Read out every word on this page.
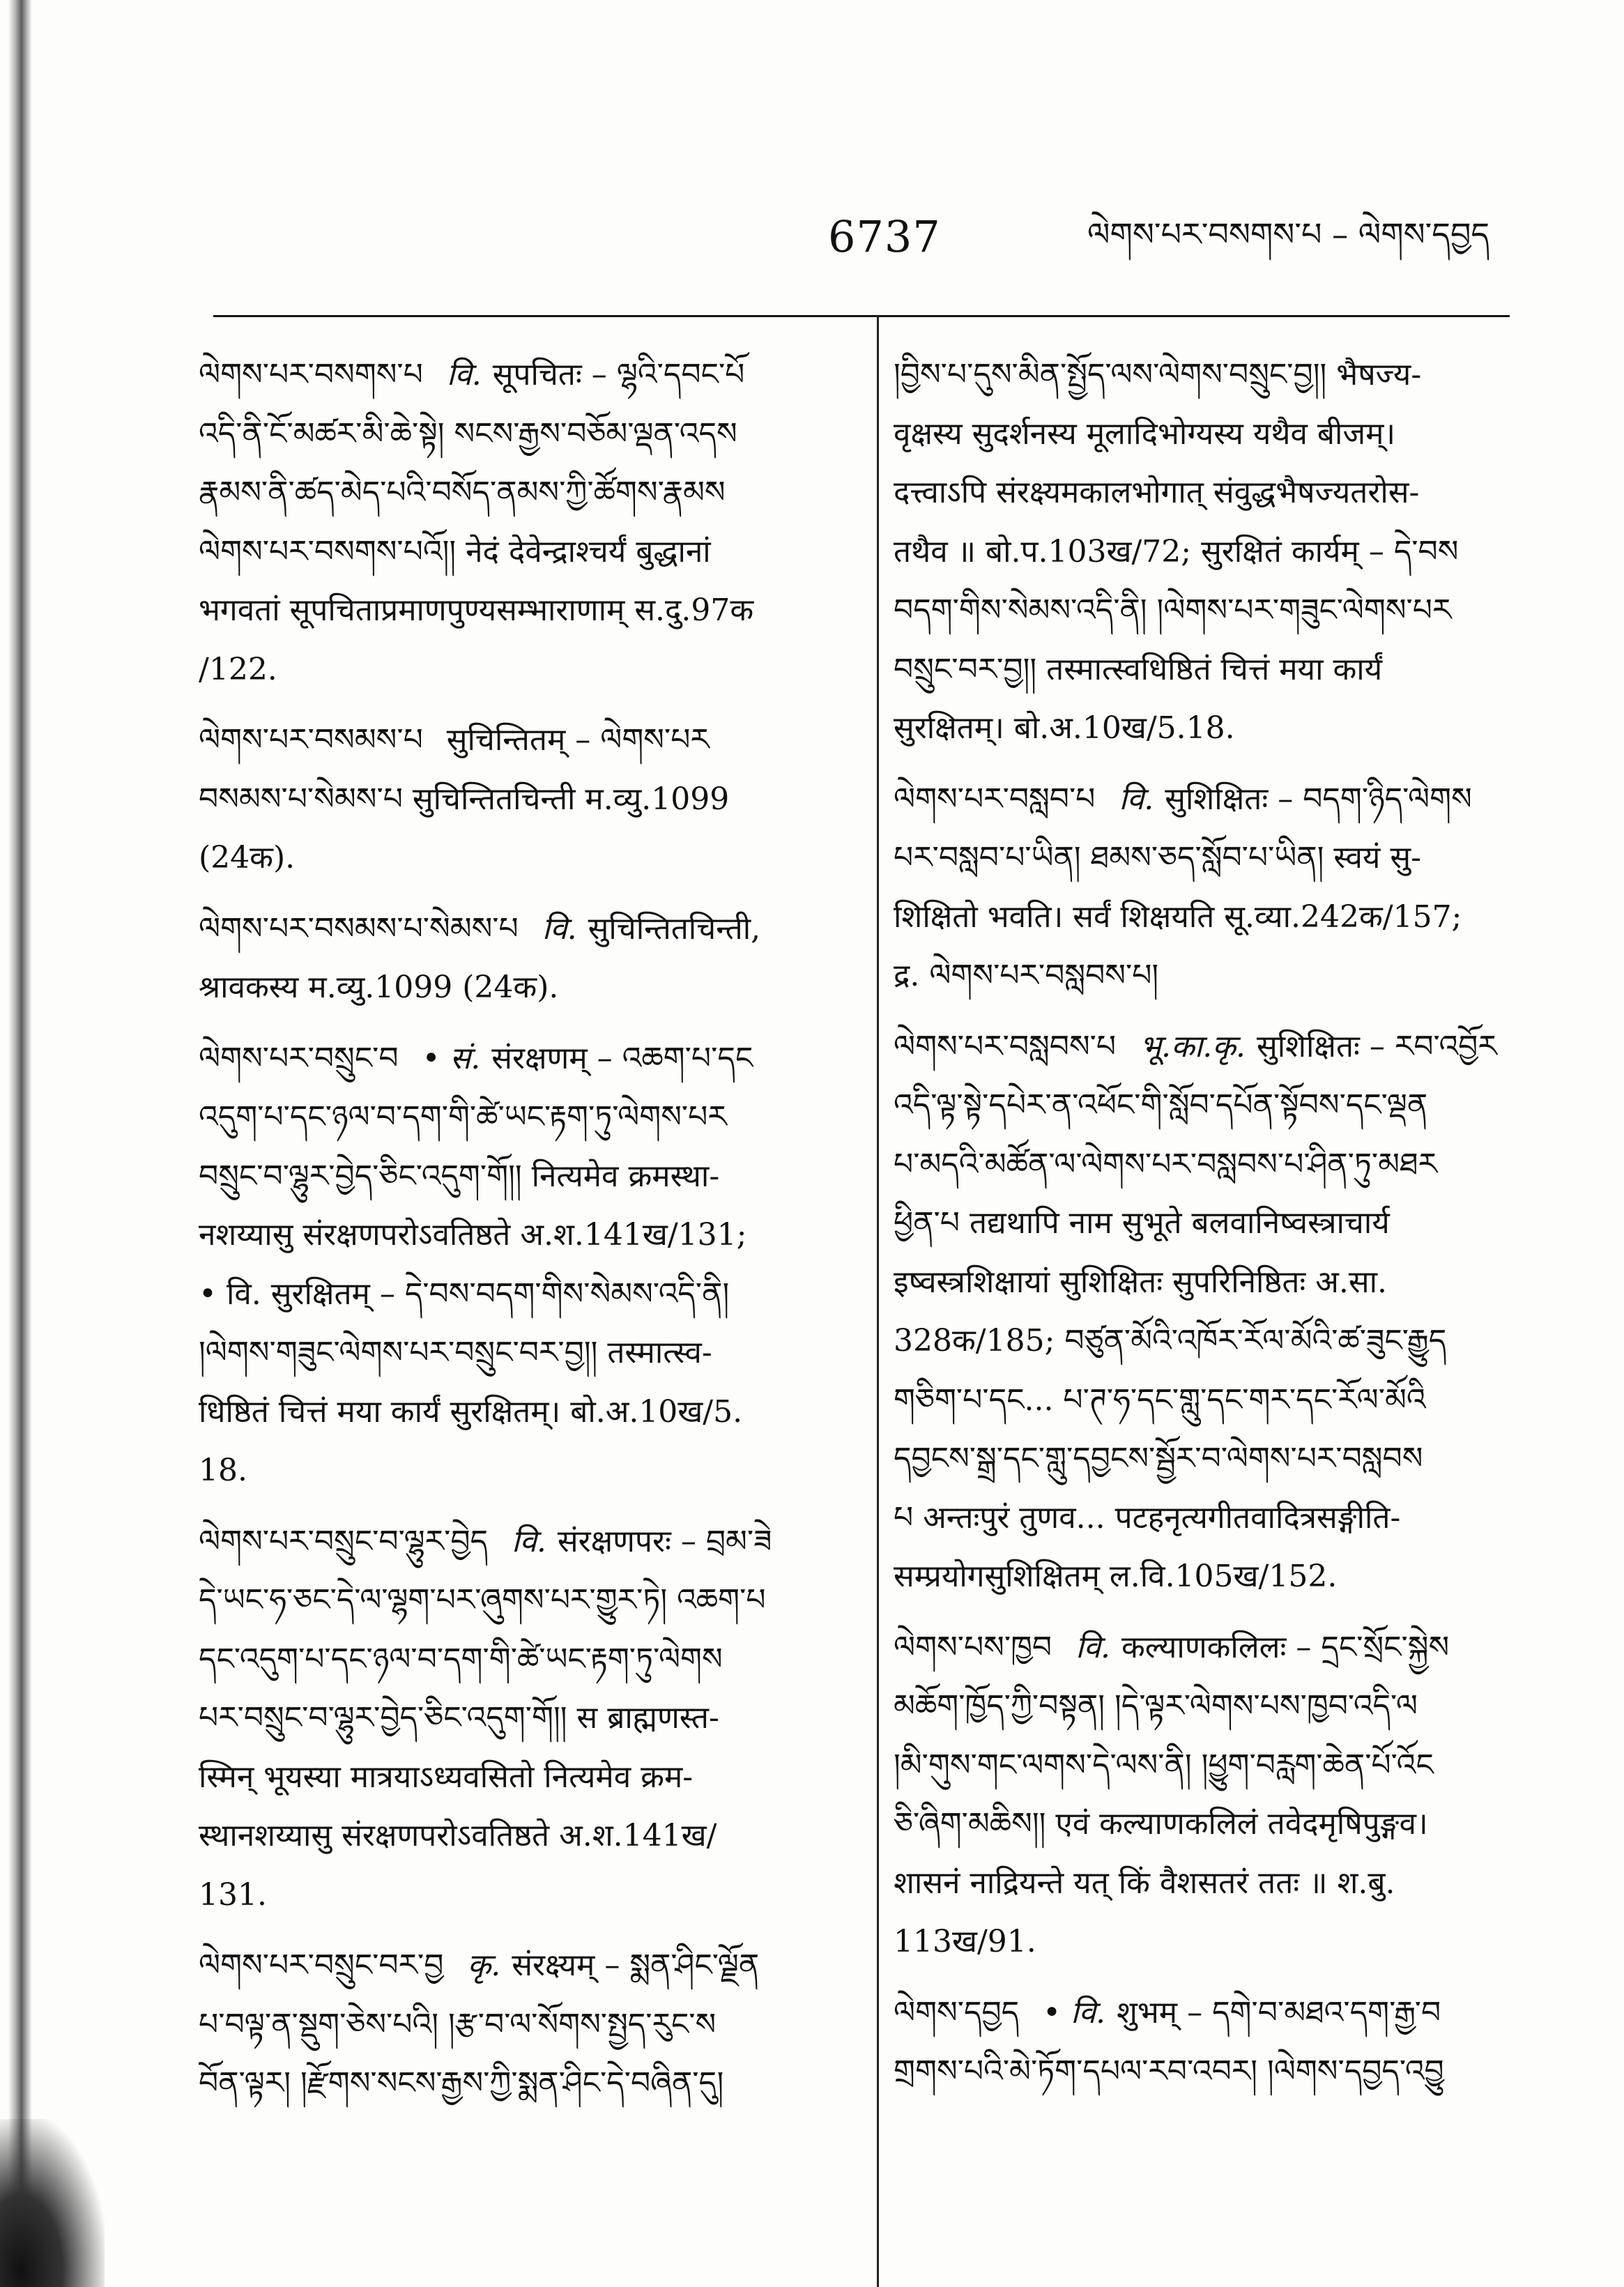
6737	ལེགས་པར་བསགས་པ – ལེགས་དབྱད
ལེགས་པར་བསགས་པ वि. सूपचितः – ལྷའི་དབང་པོ
འདི་ནི་ངོ་མཚར་མི་ཆེ་སྟེ། སངས་རྒྱས་བཅོམ་ལྡན་འདས
རྣམས་ནི་ཚད་མེད་པའི་བསོད་ནམས་ཀྱི་ཚོགས་རྣམས
ལེགས་པར་བསགས་པའོ།། नेदं देवेन्द्राश्चर्यं बुद्धानां
भगवतां सूपचिताप्रमाणपुण्यसम्भाराणाम् स.दु.97क
/122.
ལེགས་པར་བསམས་པ सुचिन्तितम् – ལེགས་པར
བསམས་པ་སེམས་པ सुचिन्तितचिन्ती म.व्यु.1099
(24क).
ལེགས་པར་བསམས་པ་སེམས་པ वि. सुचिन्तितचिन्ती,
श्रावकस्य म.व्यु.1099 (24क).
ལེགས་པར་བསྲུང་བ • सं. संरक्षणम् – འཆག་པ་དང
འདུག་པ་དང་ཉལ་བ་དག་གི་ཚེ་ཡང་རྟག་ཏུ་ལེགས་པར
བསྲུང་བ་ལྷུར་བྱེད་ཅིང་འདུག་གོ།། नित्यमेव क्रमस्था-
नशय्यासु संरक्षणपरोऽवतिष्ठते अ.श.141ख/131;
• वि. सुरक्षितम् – དེ་བས་བདག་གིས་སེམས་འདི་ནི།
།ལེགས་གཟུང་ལེགས་པར་བསྲུང་བར་བྱ།། तस्मात्स्व-
धिष्ठितं चित्तं मया कार्यं सुरक्षितम्। बो.अ.10ख/5.
18.
ལེགས་པར་བསྲུང་བ་ལྷུར་བྱེད वि. संरक्षणपरः – བྲམ་ཟེ
དེ་ཡང་ཧ་ཅང་དེ་ལ་ལྷག་པར་ཞུགས་པར་གྱུར་ཏེ། འཆག་པ
དང་འདུག་པ་དང་ཉལ་བ་དག་གི་ཚེ་ཡང་རྟག་ཏུ་ལེགས
པར་བསྲུང་བ་ལྷུར་བྱེད་ཅིང་འདུག་གོ།། स ब्राह्मणस्त-
स्मिन् भूयस्या मात्रयाऽध्यवसितो नित्यमेव क्रम-
स्थानशय्यासु संरक्षणपरोऽवतिष्ठते अ.श.141ख/
131.
ལེགས་པར་བསྲུང་བར་བྱ कृ. संरक्ष्यम् – སྨན་ཤིང་ལྗོན
པ་བལྟ་ན་སྡུག་ཅེས་པའི། །རྩ་བ་ལ་སོགས་སྤྱད་རུང་ས
བོན་ལྟར། །རྫོགས་སངས་རྒྱས་ཀྱི་སྨན་ཤིང་དེ་བཞིན་དུ།
།བྱིས་པ་དུས་མིན་སྤྱོད་ལས་ལེགས་བསྲུང་བྱ།། भैषज्य-
वृक्षस्य सुदर्शनस्य मूलादिभोग्यस्य यथैव बीजम्।
दत्त्वाऽपि संरक्ष्यमकालभोगात् संवुद्धभैषज्यतरोस-
तथैव ॥ बो.प.103ख/72; सुरक्षितं कार्यम् – དེ་བས
བདག་གིས་སེམས་འདི་ནི། །ལེགས་པར་གཟུང་ལེགས་པར
བསྲུང་བར་བྱ།། तस्मात्स्वधिष्ठितं चित्तं मया कार्यं
सुरक्षितम्। बो.अ.10ख/5.18.
ལེགས་པར་བསླབ་པ वि. सुशिक्षितः – བདག་ཉིད་ལེགས
པར་བསླབ་པ་ཡིན། ཐམས་ཅད་སློབ་པ་ཡིན། स्वयं सु-
शिक्षितो भवति। सर्वं शिक्षयति सू.व्या.242क/157;
द्र. ལེགས་པར་བསླབས་པ།
ལེགས་པར་བསླབས་པ भू.का.कृ. सुशिक्षितः – རབ་འབྱོར
འདི་ལྟ་སྟེ་དཔེར་ན་འཕོང་གི་སློབ་དཔོན་སྟོབས་དང་ལྡན
པ་མདའི་མཚོན་ལ་ལེགས་པར་བསླབས་པ་ཤིན་ཏུ་མཐར
ཕྱིན་པ तद्यथापि नाम सुभूते बलवानिष्वस्त्राचार्य
इष्वस्त्रशिक्षायां सुशिक्षितः सुपरिनिष्ठितः अ.सा.
328क/185; བཙུན་མོའི་འཁོར་རོལ་མོའི་ཚ་ཟུང་རྒྱུད
གཅིག་པ་དང... པ་ཊ་ཧ་དང་གླུ་དང་གར་དང་རོལ་མོའི
དབྱངས་སྒྲ་དང་གླུ་དབྱངས་སྦྱོར་བ་ལེགས་པར་བསླབས
པ अन्तःपुरं तुणव... पटहनृत्यगीतवादित्रसङ्गीति-
सम्प्रयोगसुशिक्षितम् ल.वि.105ख/152.
ལེགས་པས་ཁྱབ वि. कल्याणकलिलः – དྲང་སྲོང་སྐྱེས
མཆོག་ཁྱོད་ཀྱི་བསྟན། །དེ་ལྟར་ལེགས་པས་ཁྱབ་འདི་ལ
།མི་གུས་གང་ལགས་དེ་ལས་ནི། །ཕྱུག་བརླག་ཆེན་པོ་འོང
ཅི་ཞིག་མཆིས།། एवं कल्याणकलिलं तवेदमृषिपुङ्गव।
शासनं नाद्रियन्ते यत् किं वैशसतरं ततः ॥ श.बु.
113ख/91.
ལེགས་དབྱད • वि. शुभम् – དགེ་བ་མཐའ་དག་རྒྱ་བ
གྲགས་པའི་མེ་ཏོག་དཔལ་རབ་འབར། །ལེགས་དབྱད་འབྱུ
